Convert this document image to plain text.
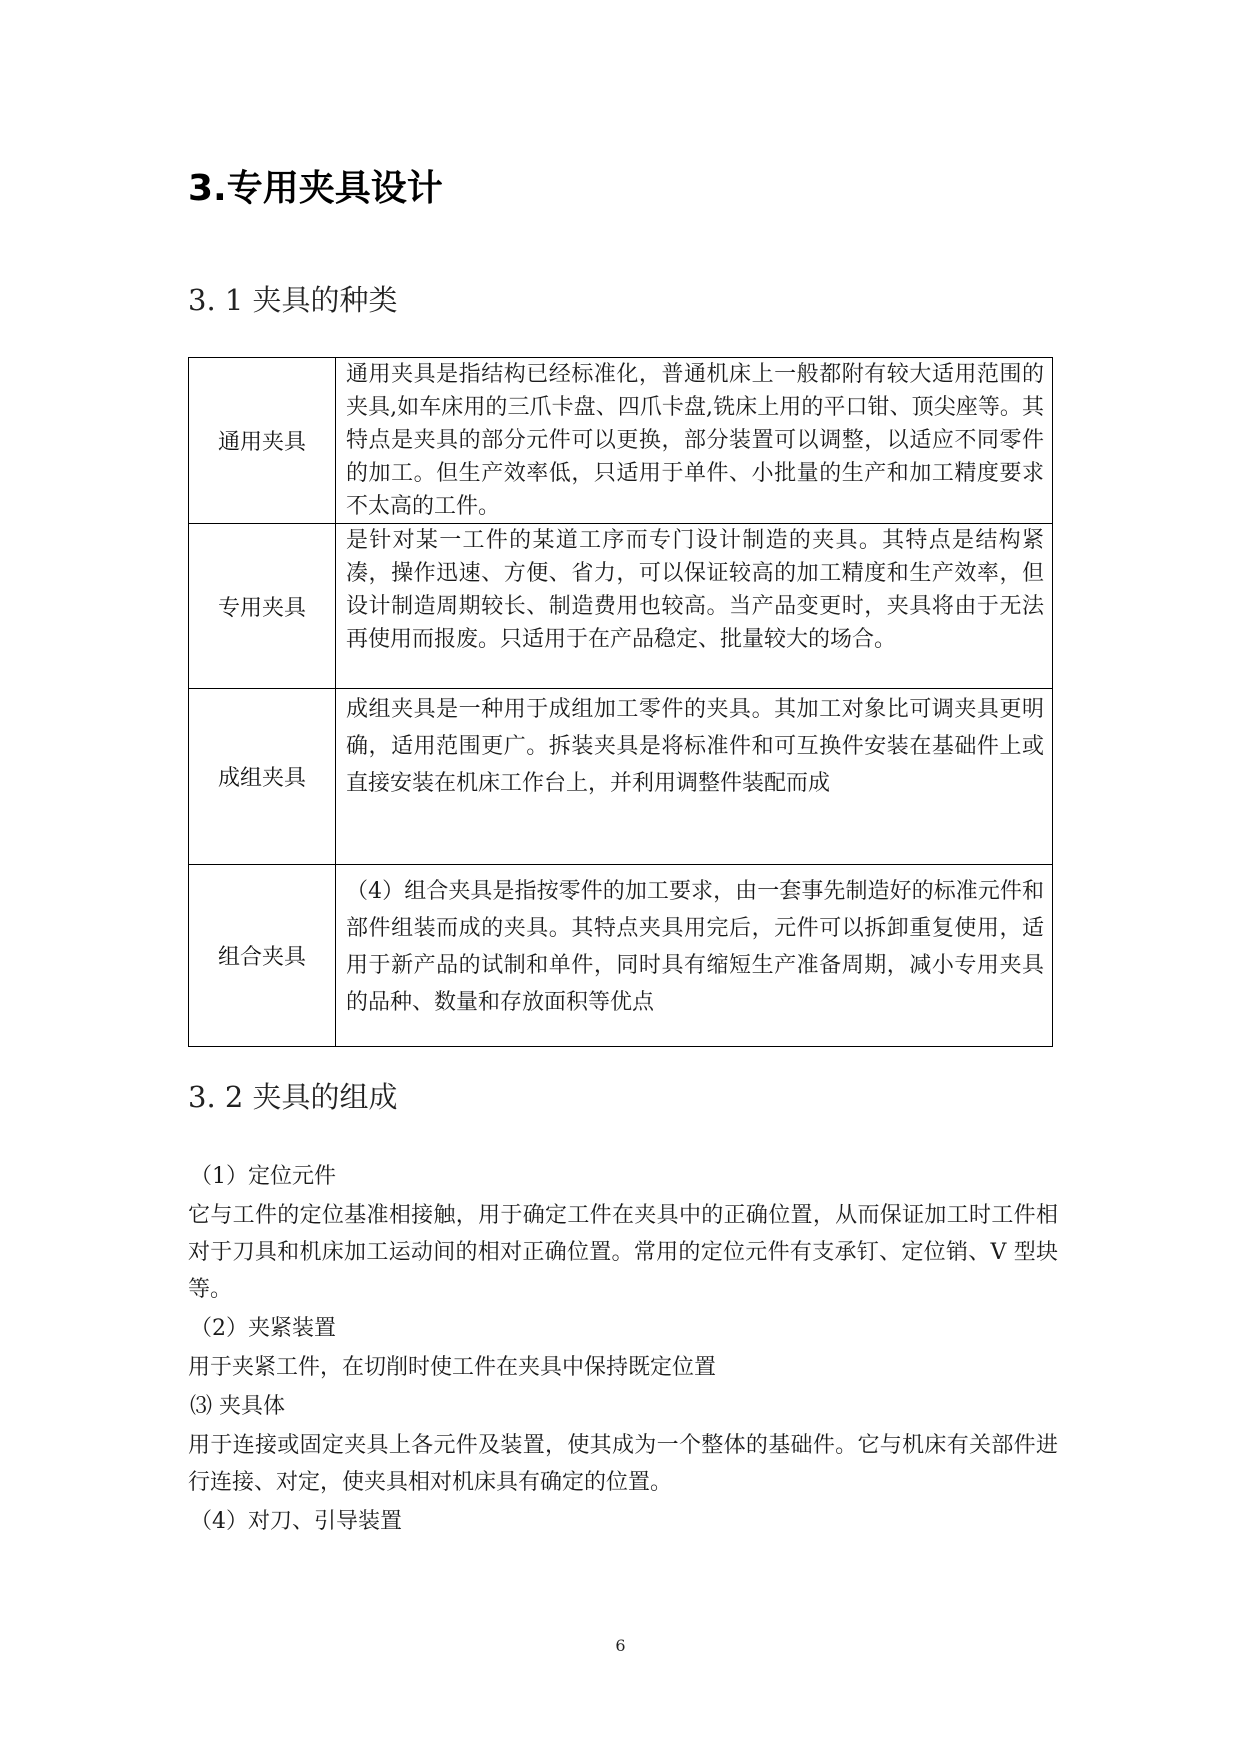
3.专用夹具设计
3. 1 夹具的种类
通用夹具	通用夹具是指结构已经标准化，普通机床上一般都附有较大适用范围的夹具,如车床用的三爪卡盘、四爪卡盘,铣床上用的平口钳、顶尖座等。其特点是夹具的部分元件可以更换，部分装置可以调整，以适应不同零件的加工。但生产效率低，只适用于单件、小批量的生产和加工精度要求不太高的工件。
专用夹具	是针对某一工件的某道工序而专门设计制造的夹具。其特点是结构紧凑，操作迅速、方便、省力，可以保证较高的加工精度和生产效率，但设计制造周期较长、制造费用也较高。当产品变更时，夹具将由于无法再使用而报废。只适用于在产品稳定、批量较大的场合。
成组夹具	成组夹具是一种用于成组加工零件的夹具。其加工对象比可调夹具更明确，适用范围更广。拆装夹具是将标准件和可互换件安装在基础件上或直接安装在机床工作台上，并利用调整件装配而成
组合夹具	（4）组合夹具是指按零件的加工要求，由一套事先制造好的标准元件和部件组装而成的夹具。其特点夹具用完后，元件可以拆卸重复使用，适用于新产品的试制和单件，同时具有缩短生产准备周期，减小专用夹具的品种、数量和存放面积等优点
3. 2 夹具的组成

（1）定位元件

它与工件的定位基准相接触，用于确定工件在夹具中的正确位置，从而保证加工时工件相对于刀具和机床加工运动间的相对正确位置。常用的定位元件有支承钉、定位销、V 型块等。

（2）夹紧装置

用于夹紧工件，在切削时使工件在夹具中保持既定位置

⑶ 夹具体

用于连接或固定夹具上各元件及装置，使其成为一个整体的基础件。它与机床有关部件进行连接、对定，使夹具相对机床具有确定的位置。

（4）对刀、引导装置

6
